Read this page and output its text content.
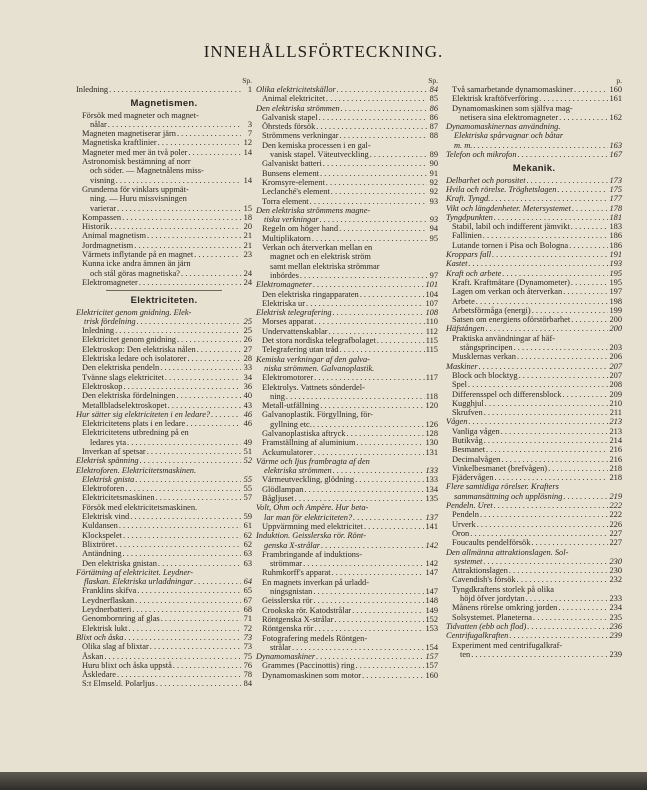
INNEHÅLLSFÖRTECKNING.
Sp.
Inledning . . .	1
Magnetismen.
Försök med magneter och magnet-
nålar . . .	3
Magneten magnetiserar järn . . .	7
Magnetiska kraftlinier . . .	12
Magneter med mer än två poler . . .	14
Astronomisk bestämning af norr
och söder. — Magnetnålens miss-
visning . . .	14
Grunderna för vinklars uppmät-
ning. — Huru missvisningen
varierar . . .	15
Kompassen . . .	18
Historik . . .	20
Animal magnetism . . .	21
Jordmagnetism . . .	21
Värmets inflytande på en magnet . . .	23
Kunna icke andra ämnen än järn
och stål göras magnetiska? . . .	24
Elektromagneter . . .	24
Elektriciteten.
Elektricitet genom gnidning. Elek-
trisk fördelning . . .	25
Inledning . . .	25
Elektricitet genom gnidning . . .	26
Elektroskop: Den elektriska nålen . . .	27
Elektriska ledare och isolatorer . . .	28
Den elektriska pendeln . . .	33
Tvänne slags elektricitet . . .	34
Elektroskop . . .	36
Den elektriska fördelningen . . .	40
Metallbladselektroskopet . . .	43
Hur sätter sig elektriciteten i en ledare? . . .	46
Elektricitetens plats i en ledare . . .	46
Elektricitetens utbredning på en
ledares yta . . .	49
Inverkan af spetsar . . .	51
Elektrisk spänning . . .	52
Elektroforen. Elektricitetsmaskinen.
Elektrisk gnista . . .	55
Elektroforen . . .	55
Elektricitetsmaskinen . . .	57
Försök med elektricitetsmaskinen.
Elektrisk vind . . .	59
Kuldansen . . .	61
Klockspelet . . .	62
Blixtröret . . .	62
Antändning . . .	63
Den elektriska gnistan . . .	63
Förtätning af elektricitet. Leydner-
flaskan. Elektriska urladdningar . . .	64
Franklins skifva . . .	65
Leydnerflaskan . . .	67
Leydnerbatteri . . .	68
Genombornring af glas . . .	71
Elektrisk lukt . . .	72
Blixt och åska . . .	73
Olika slag af blixtar . . .	73
Åskan . . .	75
Huru blixt och åska uppstå . . .	76
Åskledare . . .	78
S:t Elmseld. Polarljus . . .	84
Sp.
Olika elektricitetskällor . . .	84
Animal elektricitet . . .	85
Den elektriska strömmen . . .	86
Galvanisk stapel . . .	86
Öhrsteds försök . . .	87
Strömmens verkningar . . .	88
Den kemiska processen i en gal-
vanisk stapel. Väteutveckling . . .	89
Galvaniskt batteri . . .	90
Bunsens element . . .	91
Kromsyre-element . . .	92
Leclanché's element . . .	92
Torra element . . .	93
Den elektriska strömmens magne-
tiska verkningar . . .	93
Regeln om höger hand . . .	94
Multiplikatorn . . .	95
Verkan och återverkan mellan en
magnet och en elektrisk ström
samt mellan elektriska strömmar
inbördes . . .	97
Elektromagneter . . .	101
Den elektriska ringapparaten . . .	104
Elektriska ur . . .	107
Elektrisk telegrafering . . .	108
Morses apparat . . .	110
Undervattenskablar . . .	112
Det stora nordiska telegrafbolaget . . .	115
Telegrafering utan tråd . . .	115
Kemiska verkningar af den galva-
niska strömmen. Galvanoplastik.
Elektromotorer . . .	117
Elektrolys. Vattnets sönderdel-
ning . . .	118
Metall-utfällning . . .	120
Galvanoplastik. Förgyllning, för-
gyllning etc. . . .	126
Galvanoplastiska aftryck . . .	128
Framställning af aluminium . . .	130
Ackumulatorer . . .	131
Värme och ljus frambragta af den
elektriska strömmen . . .	133
Värmeutveckling, glödning . . .	133
Glödlampan . . .	134
Bågljuset . . .	135
Volt, Ohm och Ampère. Hur beta-
lar man för elektriciteten? . . .	137
Uppvärmning med elektricitet . . .	141
Induktion. Geisslerska rör. Rönt-
genska X-strålar . . .	142
Frambringande af induktions-
strömmar . . .	142
Ruhmkorff's apparat . . .	147
En magnets inverkan på urladd-
ningsgnistan . . .	147
Geisslerska rör . . .	148
Crookska rör. Katodstrålar . . .	149
Röntgenska X-strålar . . .	152
Röntgenska rör . . .	153
Fotografering medels Röntgen-
strålar . . .	154
Dynamomaskiner . . .	157
Grammes (Paccinottis) ring . . .	157
Dynamomaskinen som motor . . .	160
p.
Två samarbetande dynamomaskiner . . .	160
Elektrisk kraftöfverföring . . .	161
Dynamomaskinen som själfva mag-
netisera sina elektromagneter . . .	162
Dynamomaskinernas användning.
Elektriska spårvagnar och båtar
m. m. . . .	163
Telefon och mikrofon . . .	167
Mekanik.
Delbarhet och porositet . . .	173
Hvila och rörelse. Tröghetslagen . . .	175
Kraft. Tyngd. . . .	177
Vikt och längdenheter. Metersystemet . . .	178
Tyngdpunkten . . .	181
Stabil, labil och indifferent jämvikt . . .	183
Fallinien . . .	186
Lutande tornen i Pisa och Bologna . . .	186
Kroppars fall . . .	191
Kastet . . .	193
Kraft och arbete . . .	195
Kraft. Kraftmätare (Dynamometer) . . .	195
Lagen om verkan och återverkan . . .	197
Arbete . . .	198
Arbetsförmåga (energi) . . .	199
Satsen om energiens oförstörbarhet . . .	200
Häfstången . . .	200
Praktiska användningar af häf-
stångsprincipen . . .	203
Musklernas verkan . . .	206
Maskiner . . .	207
Block och blocktyg . . .	207
Spel . . .	208
Differensspel och differensblock . . .	209
Kugghjul . . .	210
Skrufven . . .	211
Vågen . . .	213
Vanliga vågen . . .	213
Butikvåg . . .	214
Besmanet . . .	216
Decimalvågen . . .	216
Vinkelbesmanet (brefvågen) . . .	218
Fjädervågen . . .	218
Flere samtidiga rörelser. Krafters
sammansättning och upplösning . . .	219
Pendeln. Uret . . .	222
Pendeln . . .	222
Urverk . . .	226
Oron . . .	227
Foucaults pendelförsök . . .	227
Den allmänna attraktionslagen. Sol-
systemet . . .	230
Attraktionslagen . . .	230
Cavendish's försök . . .	232
Tyngdkraftens storlek på olika
höjd öfver jordytan . . .	233
Månens rörelse omkring jorden . . .	234
Solsystemet. Planeterna . . .	235
Tidvatten (ebb och flod) . . .	236
Centrifugalkraften . . .	239
Experiment med centrifugalkraf-
ten . . .	239
